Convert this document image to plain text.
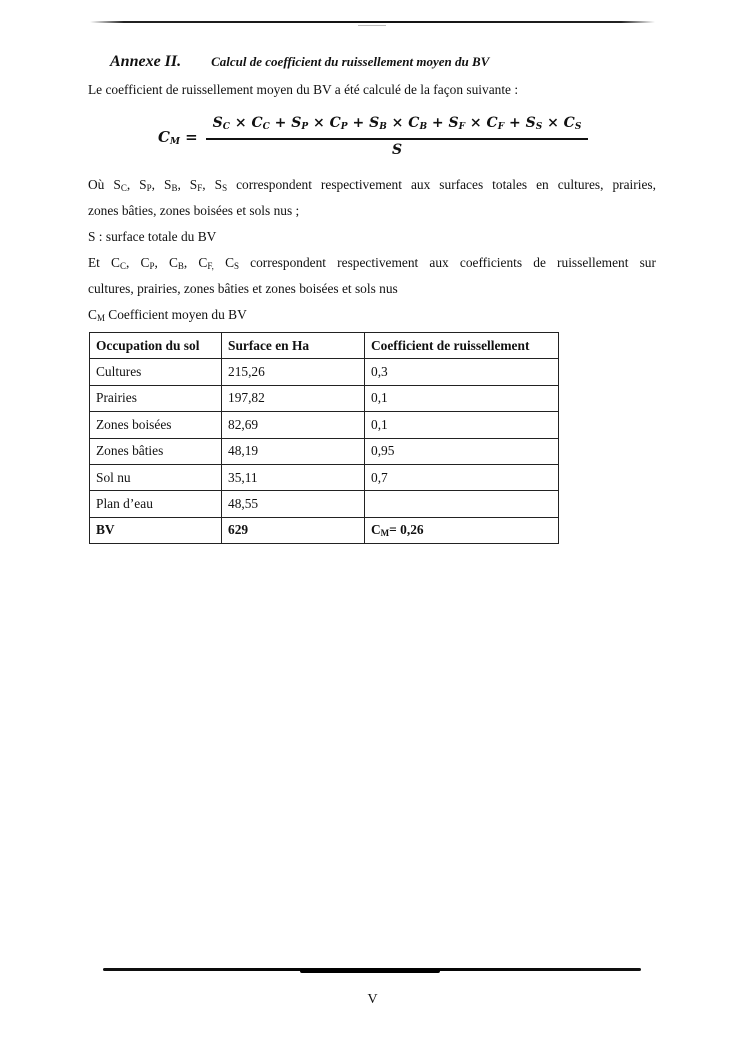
Annexe II. Calcul de coefficient du ruissellement moyen du BV
Le coefficient de ruissellement moyen du BV a été calculé de la façon suivante :
$C_M$ =
$S_C \times C_C + S_P \times C_P + S_B \times C_B + S_F \times C_F + S_S \times C_S$
S
Où $S_C$, $S_P$, $S_B$, $S_F$, $S_S$ correspondent respectivement aux surfaces totales en cultures, prairies,
zones bâties, zones boisées et sols nus ;
S : surface totale du BV
Et $C_C$, $C_P$, $C_B$, $C_{F,}$ $C_S$ correspondent respectivement aux coefficients de ruissellement sur
cultures, prairies, zones bâties et zones boisées et sols nus
$C_M$ Coefficient moyen du BV
Occupation du sol	Surface en Ha	Coefficient de ruissellement
Cultures	215,26	0,3
Prairies	197,82	0,1
Zones boisées	82,69	0,1
Zones bâties	48,19	0,95
Sol nu	35,11	0,7
Plan d’eau	48,55	
BV	629	$C_M= 0,26$
V
